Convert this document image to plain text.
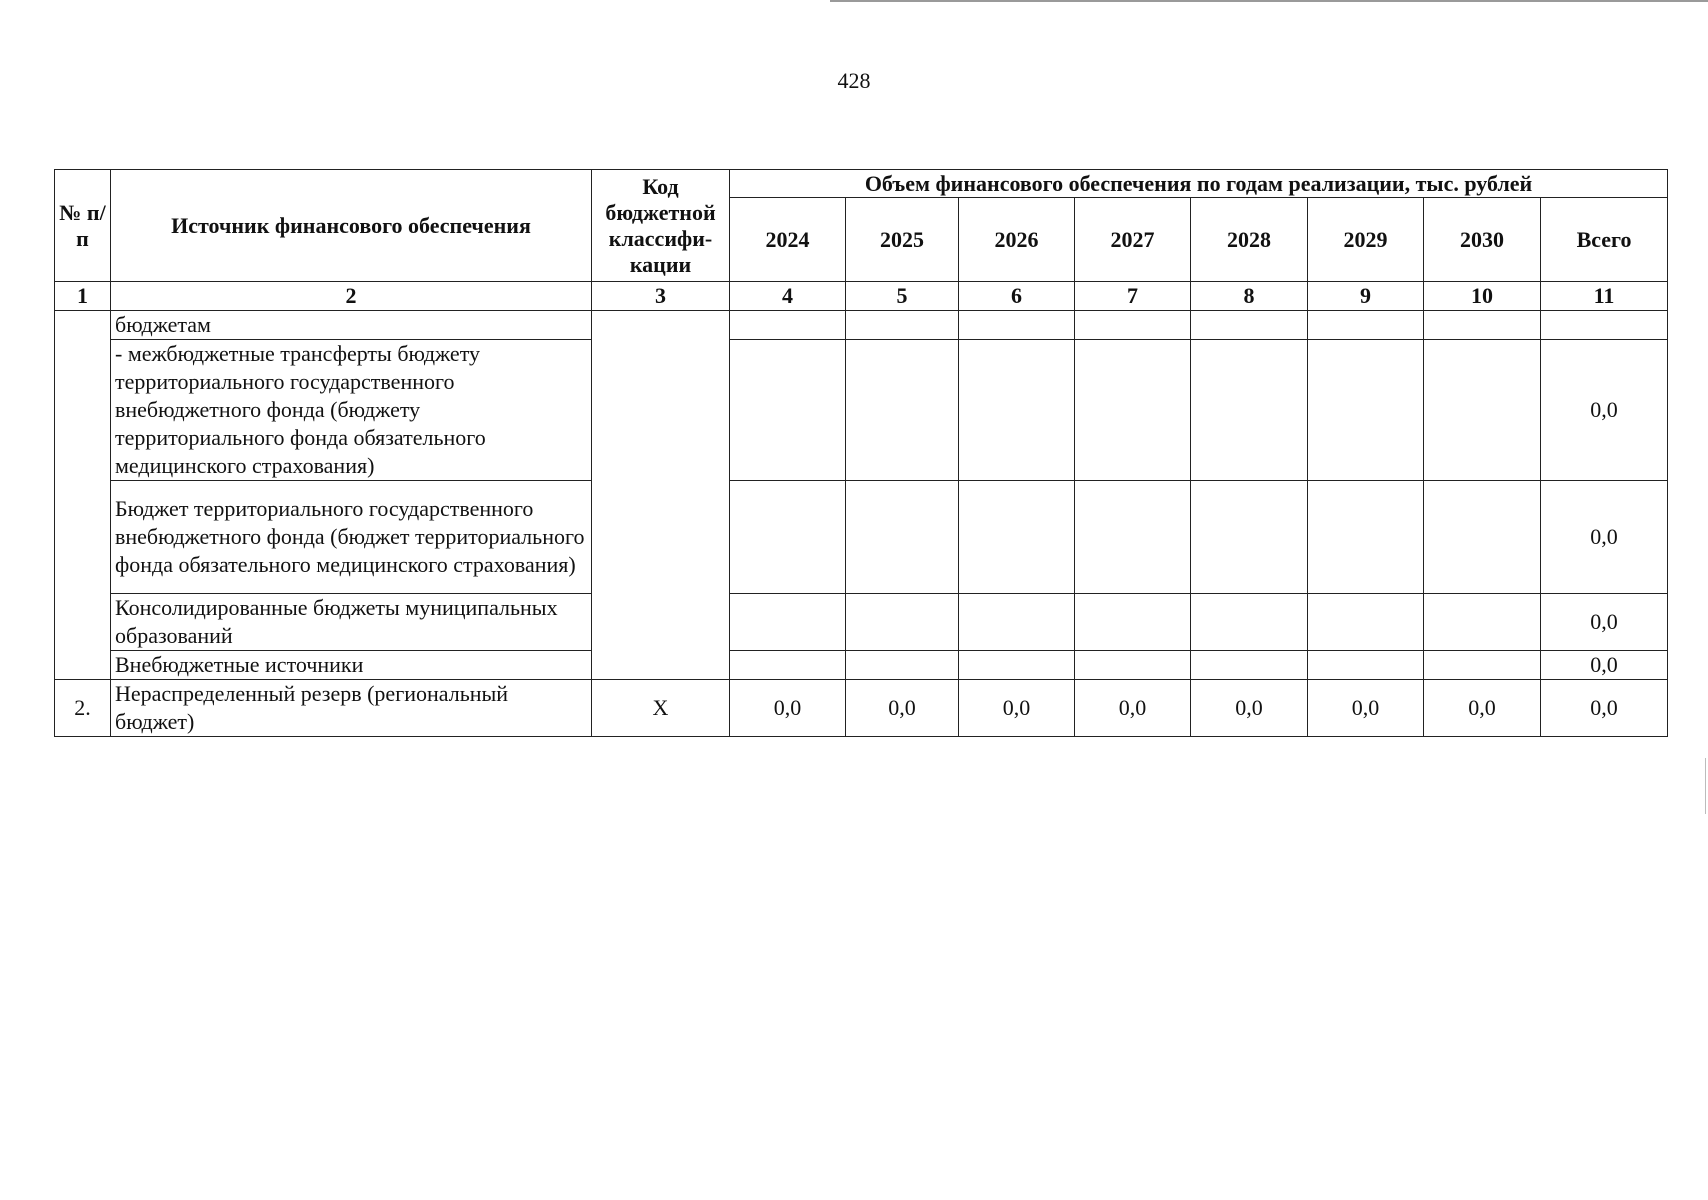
428
№ п/п	Источник финансового обеспечения	Код бюджетной классифи-кации	Объем финансового обеспечения по годам реализации, тыс. рублей							
			2024	2025	2026	2027	2028	2029	2030	Всего
1	2	3	4	5	6	7	8	9	10	11
	бюджетам									
	- межбюджетные трансферты бюджету территориального государственного внебюджетного фонда (бюджету территориального фонда обязательного медицинского страхования)									0,0
	Бюджет территориального государственного внебюджетного фонда (бюджет территориального фонда обязательного медицинского страхования)									0,0
	Консолидированные бюджеты муниципальных образований									0,0
	Внебюджетные источники									0,0
2.	Нераспределенный резерв (региональный бюджет)	X	0,0	0,0	0,0	0,0	0,0	0,0	0,0	0,0
